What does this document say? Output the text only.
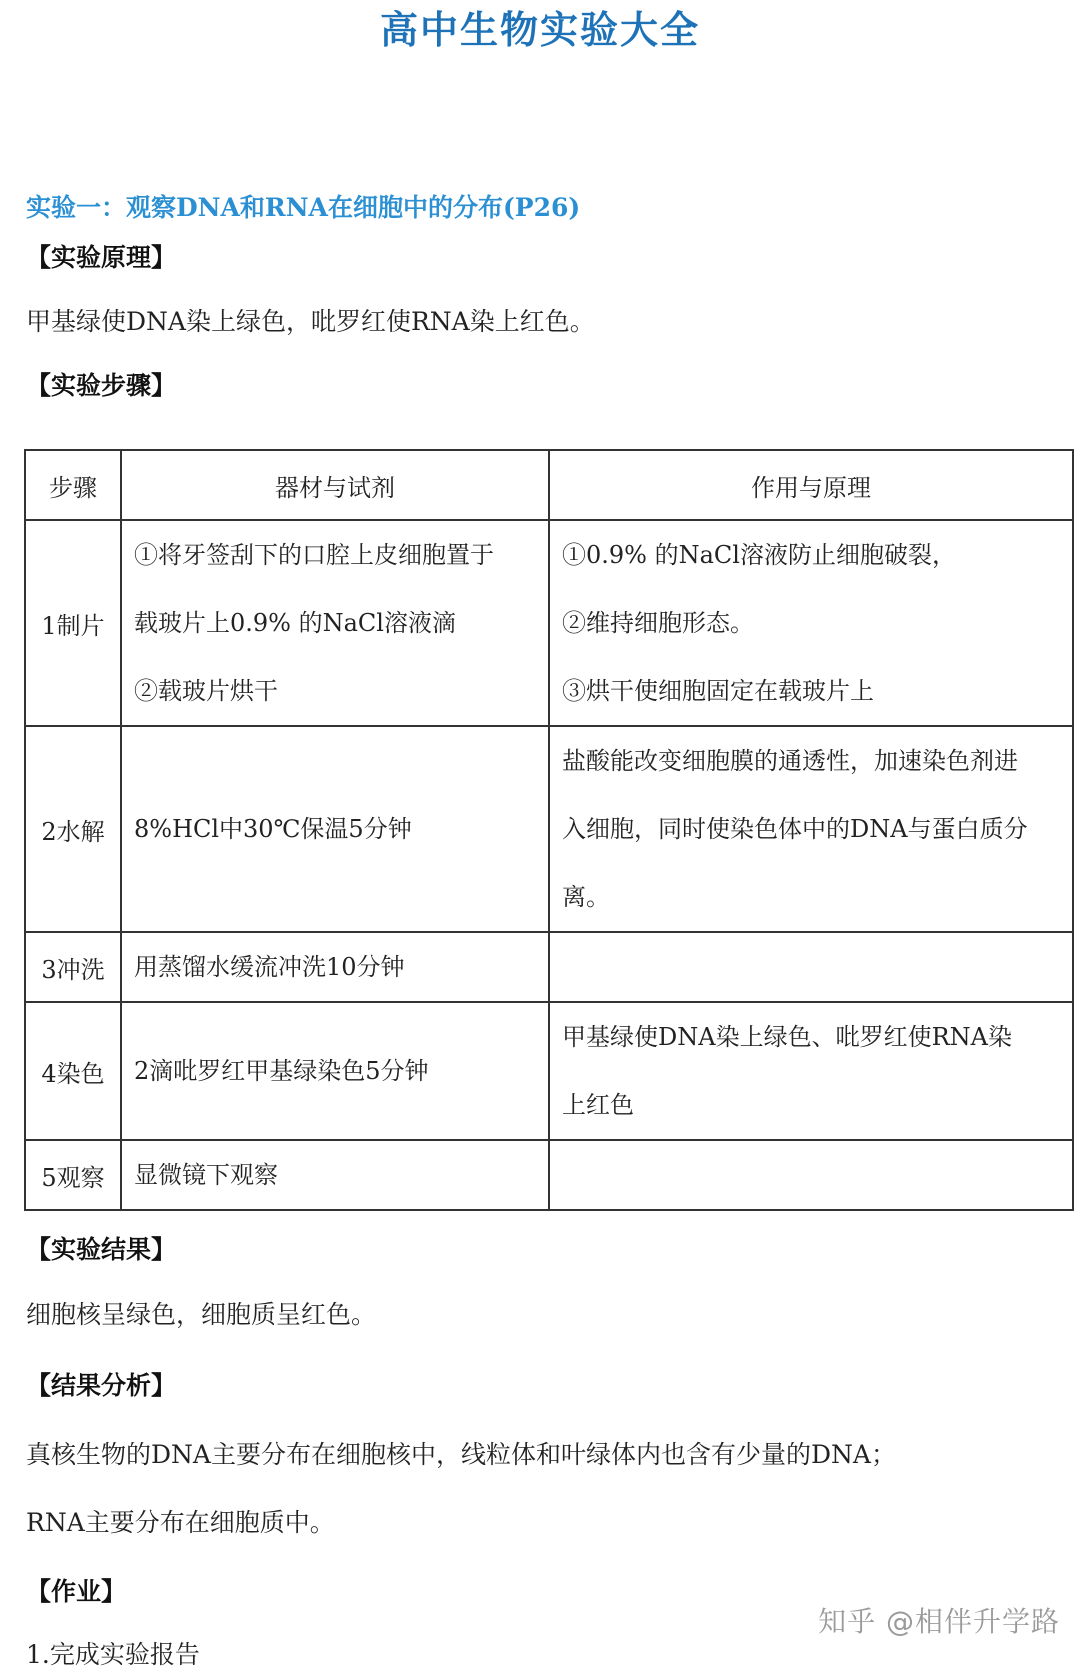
高中生物实验大全
实验一：观察DNA和RNA在细胞中的分布(P26)
【实验原理】
甲基绿使DNA染上绿色，吡罗红使RNA染上红色。
【实验步骤】
步骤	器材与试剂	作用与原理
1制片	①将牙签刮下的口腔上皮细胞置于
载玻片上0.9% 的NaCl溶液滴
②载玻片烘干	①0.9% 的NaCl溶液防止细胞破裂，
②维持细胞形态。
③烘干使细胞固定在载玻片上

2水解	8%HCl中30℃保温5分钟	盐酸能改变细胞膜的通透性，加速染色剂进
入细胞，同时使染色体中的DNA与蛋白质分
离。

3冲洗	用蒸馏水缓流冲洗10分钟	

4染色	2滴吡罗红甲基绿染色5分钟	甲基绿使DNA染上绿色、吡罗红使RNA染
上红色

5观察	显微镜下观察	

【实验结果】
细胞核呈绿色，细胞质呈红色。
【结果分析】
真核生物的DNA主要分布在细胞核中，线粒体和叶绿体内也含有少量的DNA；
RNA主要分布在细胞质中。
【作业】
1.完成实验报告
知乎 @相伴升学路
